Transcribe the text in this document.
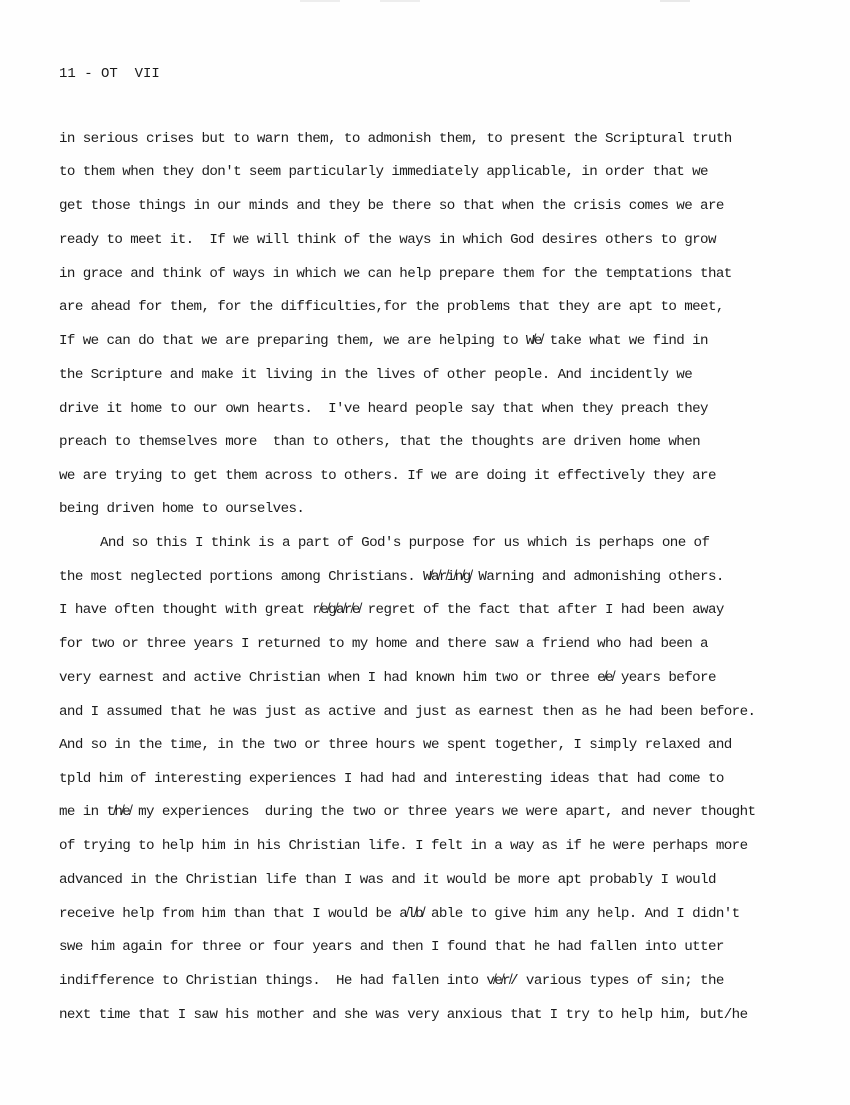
11 - OT  VII
in serious crises but to warn them, to admonish them, to present the Scriptural truth
to them when they don't seem particularly immediately applicable, in order that we
get those things in our minds and they be there so that when the crisis comes we are
ready to meet it.  If we will think of the ways in which God desires others to grow
in grace and think of ways in which we can help prepare them for the temptations that
are ahead for them, for the difficulties,for the problems that they are apt to meet,
If we can do that we are preparing them, we are helping to W̸e̸ take what we find in
the Scripture and make it living in the lives of other people. And incidently we
drive it home to our own hearts.  I've heard people say that when they preach they
preach to themselves more  than to others, that the thoughts are driven home when
we are trying to get them across to others. If we are doing it effectively they are
being driven home to ourselves.
And so this I think is a part of God's purpose for us which is perhaps one of
the most neglected portions among Christians. W̸a̸r̸i̸n̸g̸ Warning and admonishing others.
I have often thought with great r̸e̸g̸a̸r̸e̸ regret of the fact that after I had been away
for two or three years I returned to my home and there saw a friend who had been a
very earnest and active Christian when I had known him two or three e̸e̸ years before
and I assumed that he was just as active and just as earnest then as he had been before.
And so in the time, in the two or three hours we spent together, I simply relaxed and
tpld him of interesting experiences I had had and interesting ideas that had come to
me in t̸h̸e̸ my experiences  during the two or three years we were apart, and never thought
of trying to help him in his Christian life. I felt in a way as if he were perhaps more
advanced in the Christian life than I was and it would be more apt probably I would
receive help from him than that I would be a̸l̸b̸ able to give him any help. And I didn't
swe him again for three or four years and then I found that he had fallen into utter
indifference to Christian things.  He had fallen into v̸e̸r̸/ various types of sin; the
next time that I saw his mother and she was very anxious that I try to help him, but/he
